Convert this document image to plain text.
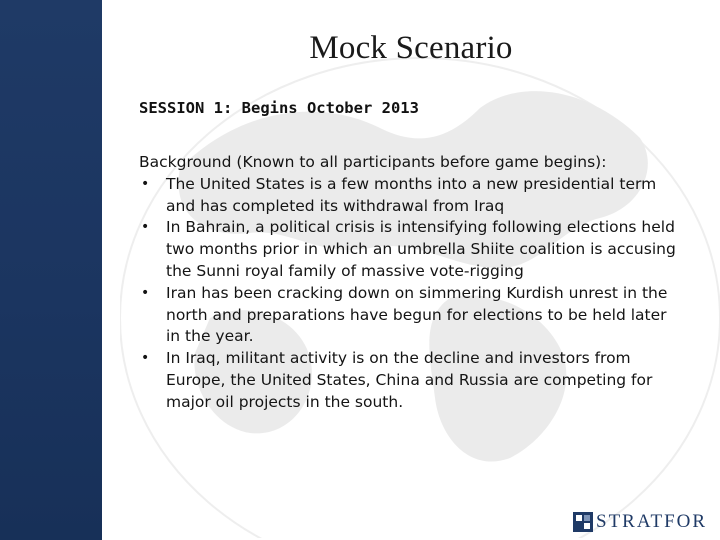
Mock Scenario
SESSION 1: Begins October 2013
Background (Known to all participants before game begins):
• The United States is a few months into a new presidential term and has completed its withdrawal from Iraq
• In Bahrain, a political crisis is intensifying following elections held two months prior in which an umbrella Shiite coalition is accusing the Sunni royal family of massive vote-rigging
• Iran has been cracking down on simmering Kurdish unrest in the north and preparations have begun for elections to be held later in the year.
• In Iraq, militant activity is on the decline and investors from Europe, the United States, China and Russia are competing for major oil projects in the south.
STRATFOR
